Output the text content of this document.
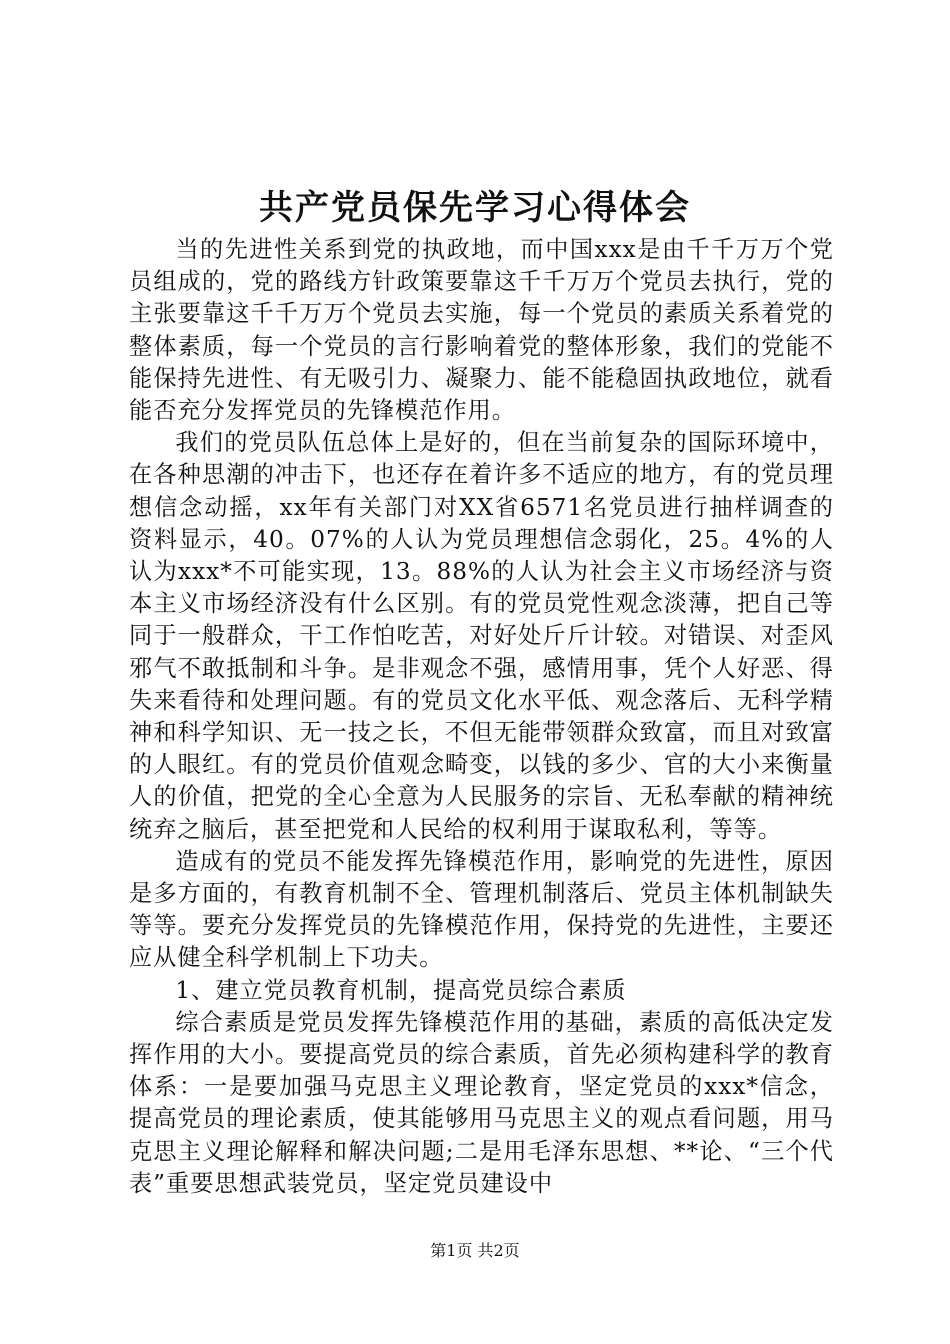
共产党员保先学习心得体会

当的先进性关系到党的执政地，而中国xxx是由千千万万个党员组成的，党的路线方针政策要靠这千千万万个党员去执行，党的主张要靠这千千万万个党员去实施，每一个党员的素质关系着党的整体素质，每一个党员的言行影响着党的整体形象，我们的党能不能保持先进性、有无吸引力、凝聚力、能不能稳固执政地位，就看能否充分发挥党员的先锋模范作用。

我们的党员队伍总体上是好的，但在当前复杂的国际环境中，在各种思潮的冲击下，也还存在着许多不适应的地方，有的党员理想信念动摇，xx年有关部门对XX省6571名党员进行抽样调查的资料显示，40。07%的人认为党员理想信念弱化，25。4%的人认为xxx*不可能实现，13。88%的人认为社会主义市场经济与资本主义市场经济没有什么区别。有的党员党性观念淡薄，把自己等同于一般群众，干工作怕吃苦，对好处斤斤计较。对错误、对歪风邪气不敢抵制和斗争。是非观念不强，感情用事，凭个人好恶、得失来看待和处理问题。有的党员文化水平低、观念落后、无科学精神和科学知识、无一技之长，不但无能带领群众致富，而且对致富的人眼红。有的党员价值观念畸变，以钱的多少、官的大小来衡量人的价值，把党的全心全意为人民服务的宗旨、无私奉献的精神统统弃之脑后，甚至把党和人民给的权利用于谋取私利，等等。

造成有的党员不能发挥先锋模范作用，影响党的先进性，原因是多方面的，有教育机制不全、管理机制落后、党员主体机制缺失等等。要充分发挥党员的先锋模范作用，保持党的先进性，主要还应从健全科学机制上下功夫。

1、建立党员教育机制，提高党员综合素质

综合素质是党员发挥先锋模范作用的基础，素质的高低决定发挥作用的大小。要提高党员的综合素质，首先必须构建科学的教育体系：一是要加强马克思主义理论教育，坚定党员的xxx*信念，提高党员的理论素质，使其能够用马克思主义的观点看问题，用马克思主义理论解释和解决问题;二是用毛泽东思想、**论、“三个代表”重要思想武装党员，坚定党员建设中

第1页 共2页
